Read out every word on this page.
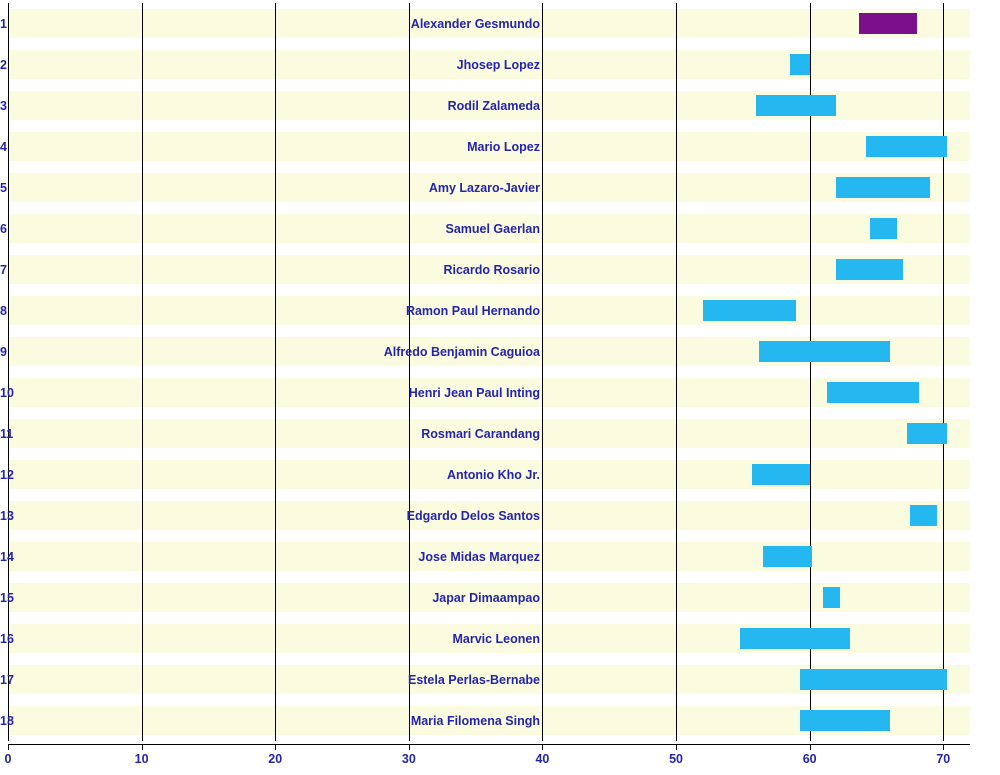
0	10	20	30	40	50	60	70
Alexander Gesmundo
1
Jhosep Lopez
2
Rodil Zalameda
3
Mario Lopez
4
Amy Lazaro-Javier
5
Samuel Gaerlan
6
Ricardo Rosario
7
Ramon Paul Hernando
8
Alfredo Benjamin Caguioa
9
Henri Jean Paul Inting
10
Rosmari Carandang
11
Antonio Kho Jr.
12
Edgardo Delos Santos
13
Jose Midas Marquez
14
Japar Dimaampao
15
Marvic Leonen
16
Estela Perlas-Bernabe
17
Maria Filomena Singh
18
